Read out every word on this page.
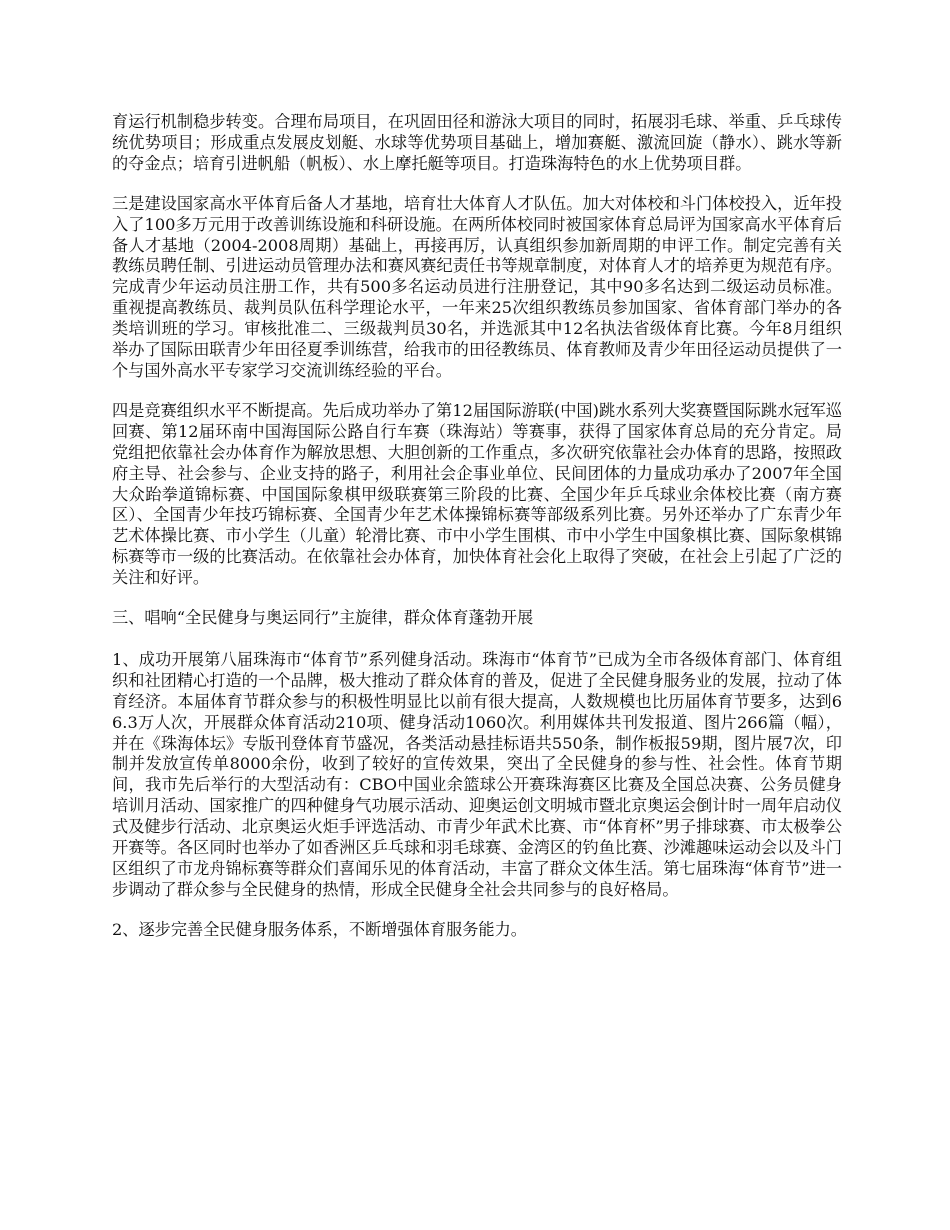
育运行机制稳步转变。合理布局项目，在巩固田径和游泳大项目的同时，拓展羽毛球、举重、乒乓球传统优势项目；形成重点发展皮划艇、水球等优势项目基础上，增加赛艇、激流回旋（静水）、跳水等新的夺金点；培育引进帆船（帆板）、水上摩托艇等项目。打造珠海特色的水上优势项目群。

三是建设国家高水平体育后备人才基地，培育壮大体育人才队伍。加大对体校和斗门体校投入，近年投入了100多万元用于改善训练设施和科研设施。在两所体校同时被国家体育总局评为国家高水平体育后备人才基地（2004-2008周期）基础上，再接再厉，认真组织参加新周期的申评工作。制定完善有关教练员聘任制、引进运动员管理办法和赛风赛纪责任书等规章制度，对体育人才的培养更为规范有序。完成青少年运动员注册工作，共有500多名运动员进行注册登记，其中90多名达到二级运动员标准。重视提高教练员、裁判员队伍科学理论水平，一年来25次组织教练员参加国家、省体育部门举办的各类培训班的学习。审核批准二、三级裁判员30名，并选派其中12名执法省级体育比赛。今年8月组织举办了国际田联青少年田径夏季训练营，给我市的田径教练员、体育教师及青少年田径运动员提供了一个与国外高水平专家学习交流训练经验的平台。

四是竞赛组织水平不断提高。先后成功举办了第12届国际游联(中国)跳水系列大奖赛暨国际跳水冠军巡回赛、第12届环南中国海国际公路自行车赛（珠海站）等赛事，获得了国家体育总局的充分肯定。局党组把依靠社会办体育作为解放思想、大胆创新的工作重点，多次研究依靠社会办体育的思路，按照政府主导、社会参与、企业支持的路子，利用社会企事业单位、民间团体的力量成功承办了2007年全国大众跆拳道锦标赛、中国国际象棋甲级联赛第三阶段的比赛、全国少年乒乓球业余体校比赛（南方赛区）、全国青少年技巧锦标赛、全国青少年艺术体操锦标赛等部级系列比赛。另外还举办了广东青少年艺术体操比赛、市小学生（儿童）轮滑比赛、市中小学生围棋、市中小学生中国象棋比赛、国际象棋锦标赛等市一级的比赛活动。在依靠社会办体育，加快体育社会化上取得了突破，在社会上引起了广泛的关注和好评。

三、唱响“全民健身与奥运同行”主旋律，群众体育蓬勃开展

1、成功开展第八届珠海市“体育节”系列健身活动。珠海市“体育节”已成为全市各级体育部门、体育组织和社团精心打造的一个品牌，极大推动了群众体育的普及，促进了全民健身服务业的发展，拉动了体育经济。本届体育节群众参与的积极性明显比以前有很大提高，人数规模也比历届体育节要多，达到66.3万人次，开展群众体育活动210项、健身活动1060次。利用媒体共刊发报道、图片266篇（幅），并在《珠海体坛》专版刊登体育节盛况，各类活动悬挂标语共550条，制作板报59期，图片展7次，印制并发放宣传单8000余份，收到了较好的宣传效果，突出了全民健身的参与性、社会性。体育节期间，我市先后举行的大型活动有：CBO中国业余篮球公开赛珠海赛区比赛及全国总决赛、公务员健身培训月活动、国家推广的四种健身气功展示活动、迎奥运创文明城市暨北京奥运会倒计时一周年启动仪式及健步行活动、北京奥运火炬手评选活动、市青少年武术比赛、市“体育杯”男子排球赛、市太极拳公开赛等。各区同时也举办了如香洲区乒乓球和羽毛球赛、金湾区的钓鱼比赛、沙滩趣味运动会以及斗门区组织了市龙舟锦标赛等群众们喜闻乐见的体育活动，丰富了群众文体生活。第七届珠海“体育节”进一步调动了群众参与全民健身的热情，形成全民健身全社会共同参与的良好格局。

2、逐步完善全民健身服务体系，不断增强体育服务能力。
